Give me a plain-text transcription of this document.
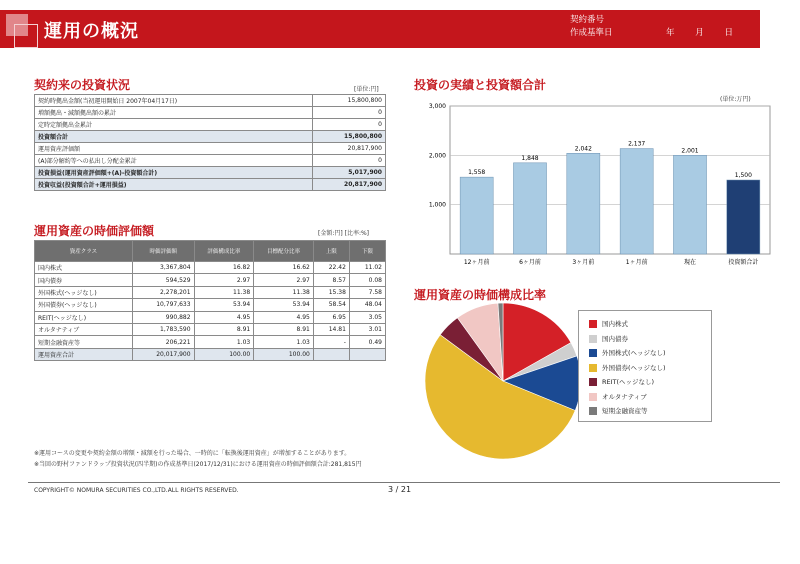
運用の概況
契約番号
作成基準日	年 月 日
契約来の投資状況	[単位:円]
契約時拠出金額(当初運用開始日 2007年04月17日)	15,800,800
増額拠出・減額拠出額の累計	0
定時定額拠出金累計	0
投資額合計	15,800,800
運用資産評価額	20,817,900
(A)部分解約等への払出し分配金累計	0
投資損益(運用資産評価額+(A)-投資額合計)	5,017,900
投資収益(投資額合計+運用損益)	20,817,900
運用資産の時価評価額	[金額:円] [比率:%]
資産クラス	時価評価額	評価構成比率	目標配分比率	上限	下限
国内株式	3,367,804	16.82	16.62	22.42	11.02
国内債券	594,529	2.97	2.97	8.57	0.08
外国株式(ヘッジなし)	2,278,201	11.38	11.38	15.38	7.58
外国債券(ヘッジなし)	10,797,633	53.94	53.94	58.54	48.04
REIT(ヘッジなし)	990,882	4.95	4.95	6.95	3.05
オルタナティブ	1,783,590	8.91	8.91	14.81	3.01
短期金融資産等	206,221	1.03	1.03	-	0.49
運用資産合計	20,017,900	100.00	100.00		
投資の実績と投資額合計
(単位:万円)
3,000
2,000
1,000
1,558
12ヶ月前
1,848
6ヶ月前
2,042
3ヶ月前
2,137
1ヶ月前
2,001
現在
1,500
投資額合計
運用資産の時価構成比率
国内株式
国内債券
外国株式(ヘッジなし)
外国債券(ヘッジなし)
REIT(ヘッジなし)
オルタナティブ
短期金融資産等
※運用コースの変更や契約金額の増額・減額を行った場合、一時的に「転換後運用資産」が増加することがあります。
※当回の野村ファンドラップ投資状況(四半期)の作成基準日(2017/12/31)における運用資産の時価評価額合計:281,815円
COPYRIGHT© NOMURA SECURITIES CO.,LTD.ALL RIGHTS RESERVED.	3 / 21
